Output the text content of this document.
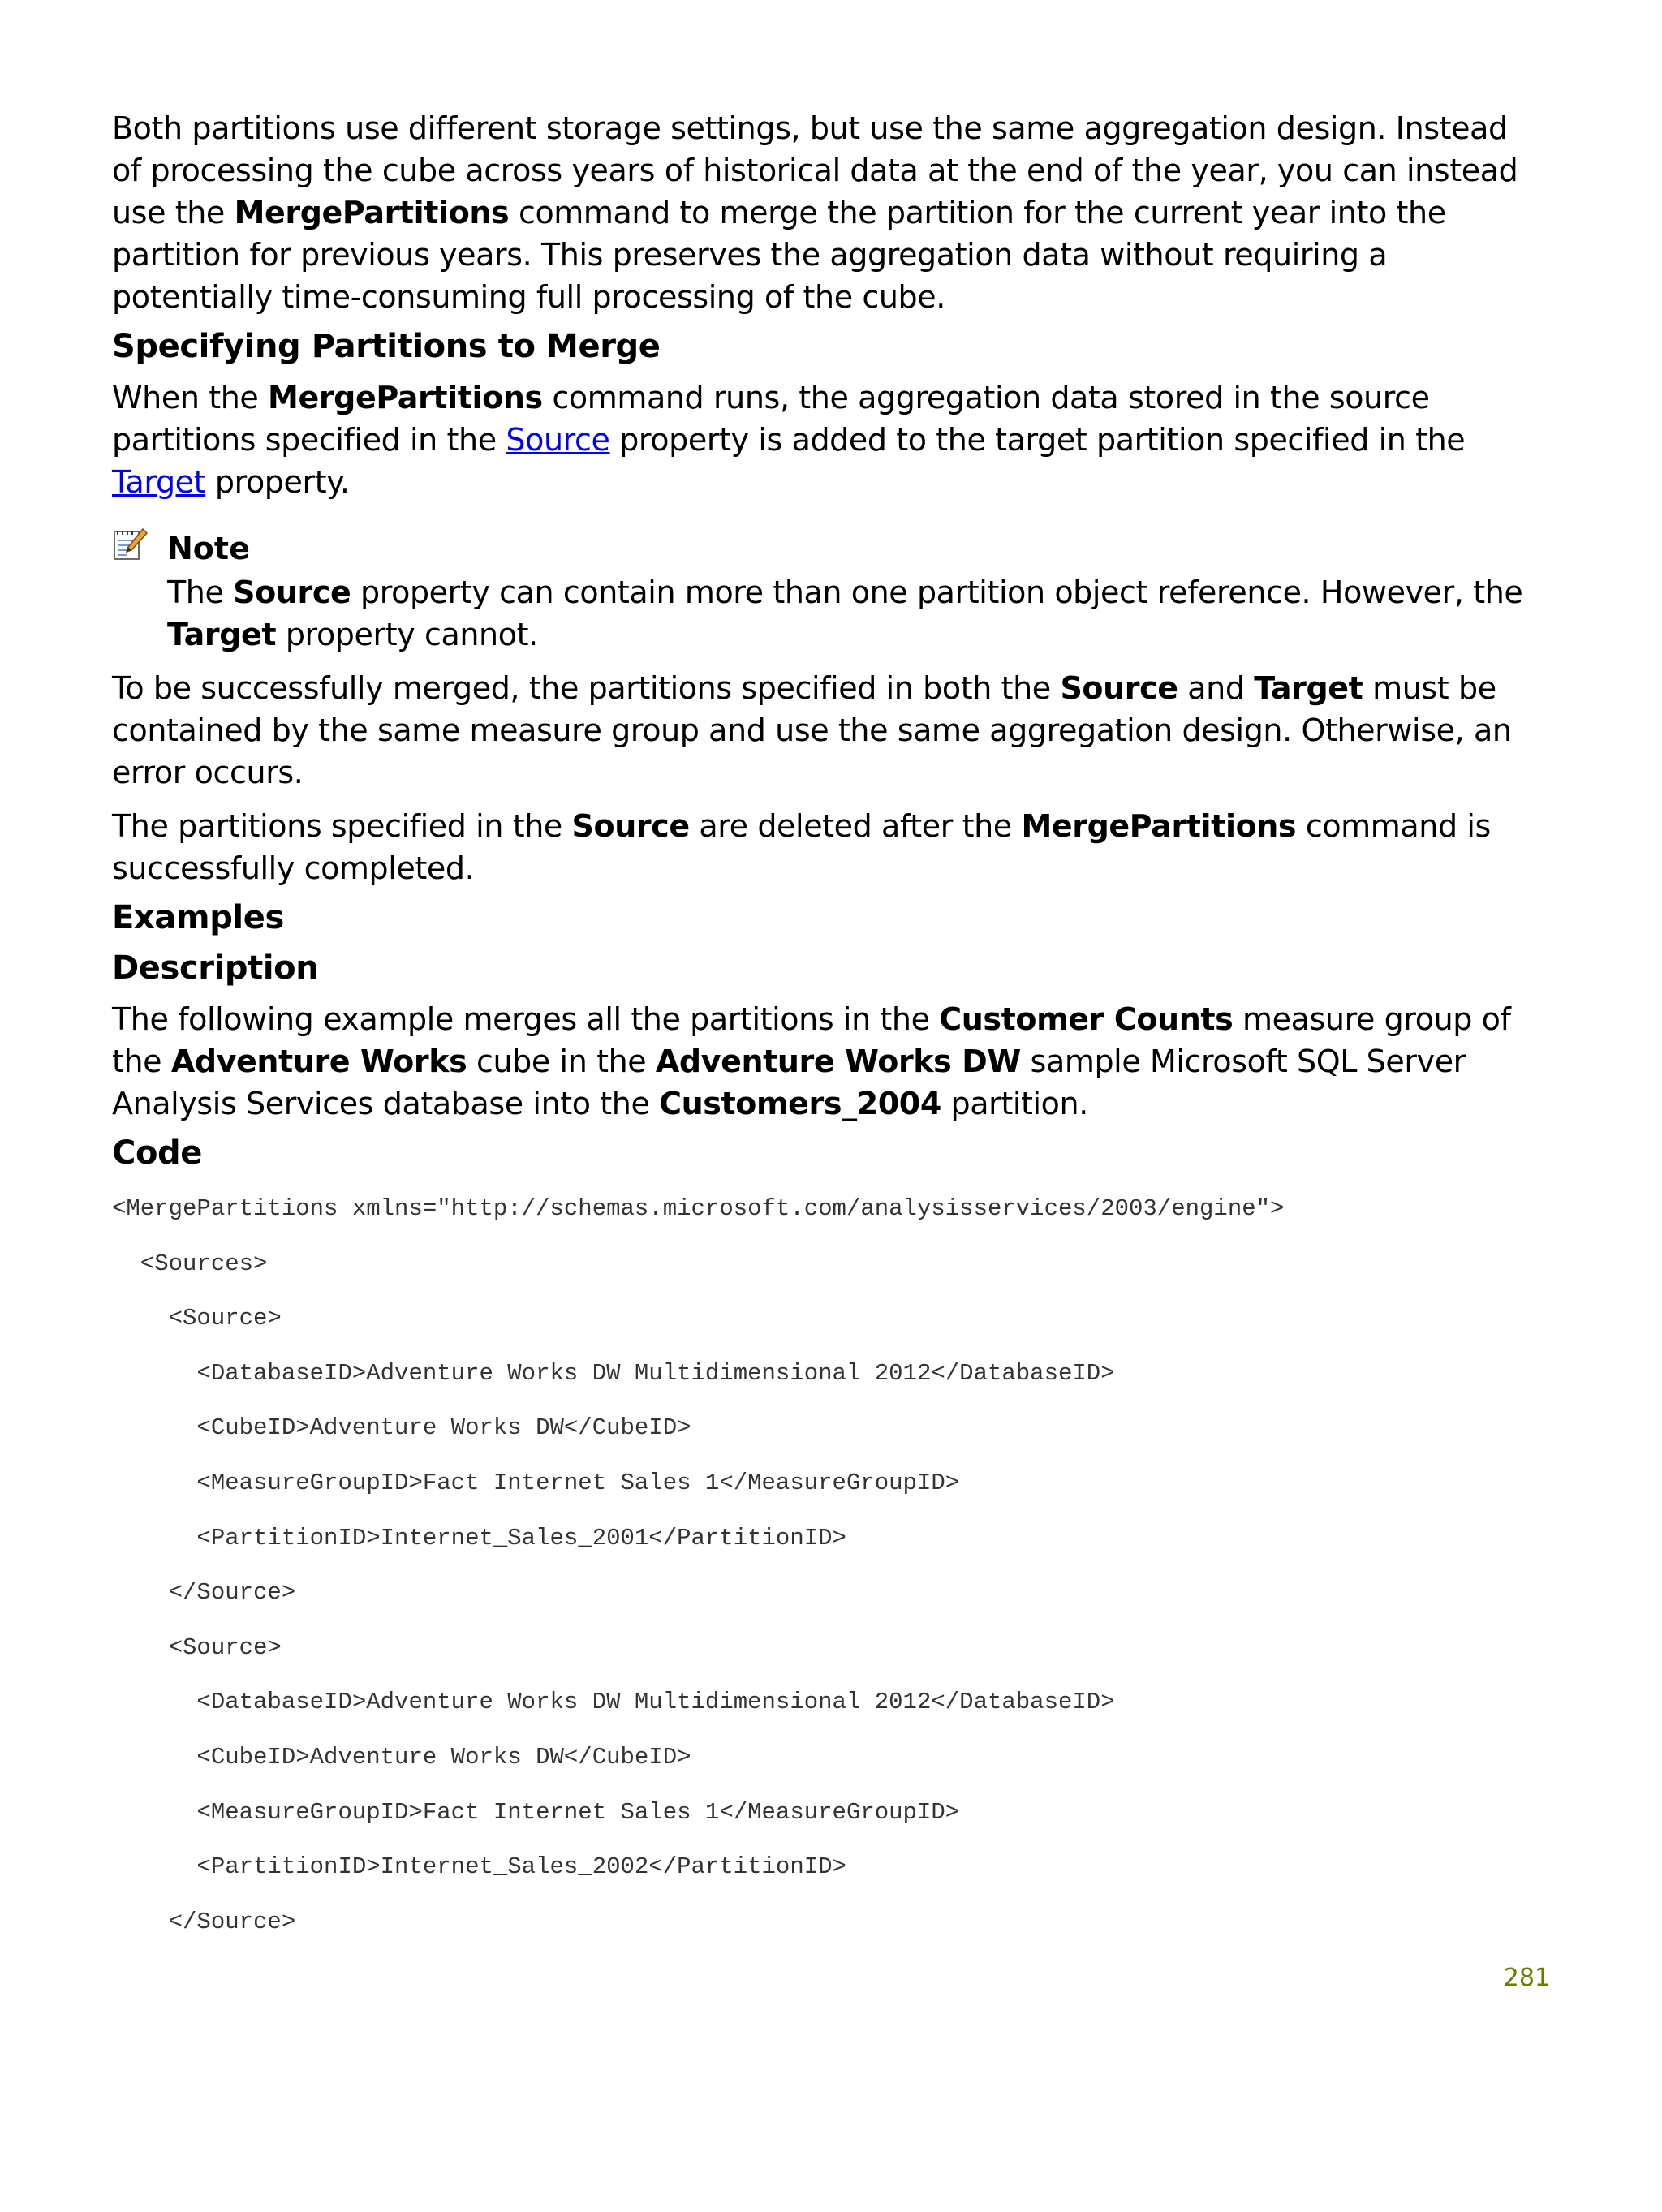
Both partitions use different storage settings, but use the same aggregation design. Instead of processing the cube across years of historical data at the end of the year, you can instead use the MergePartitions command to merge the partition for the current year into the partition for previous years. This preserves the aggregation data without requiring a potentially time-consuming full processing of the cube.

Specifying Partitions to Merge

When the MergePartitions command runs, the aggregation data stored in the source partitions specified in the Source property is added to the target partition specified in the Target property.

Note

The Source property can contain more than one partition object reference. However, the Target property cannot.

To be successfully merged, the partitions specified in both the Source and Target must be contained by the same measure group and use the same aggregation design. Otherwise, an error occurs.

The partitions specified in the Source are deleted after the MergePartitions command is successfully completed.

Examples
Description

The following example merges all the partitions in the Customer Counts measure group of the Adventure Works cube in the Adventure Works DW sample Microsoft SQL Server Analysis Services database into the Customers_2004 partition.

Code
<MergePartitions xmlns="http://schemas.microsoft.com/analysisservices/2003/engine">
<Sources>
<Source>
<DatabaseID>Adventure Works DW Multidimensional 2012</DatabaseID>
<CubeID>Adventure Works DW</CubeID>
<MeasureGroupID>Fact Internet Sales 1</MeasureGroupID>
<PartitionID>Internet_Sales_2001</PartitionID>
</Source>
<Source>
<DatabaseID>Adventure Works DW Multidimensional 2012</DatabaseID>
<CubeID>Adventure Works DW</CubeID>
<MeasureGroupID>Fact Internet Sales 1</MeasureGroupID>
<PartitionID>Internet_Sales_2002</PartitionID>
</Source>
281
